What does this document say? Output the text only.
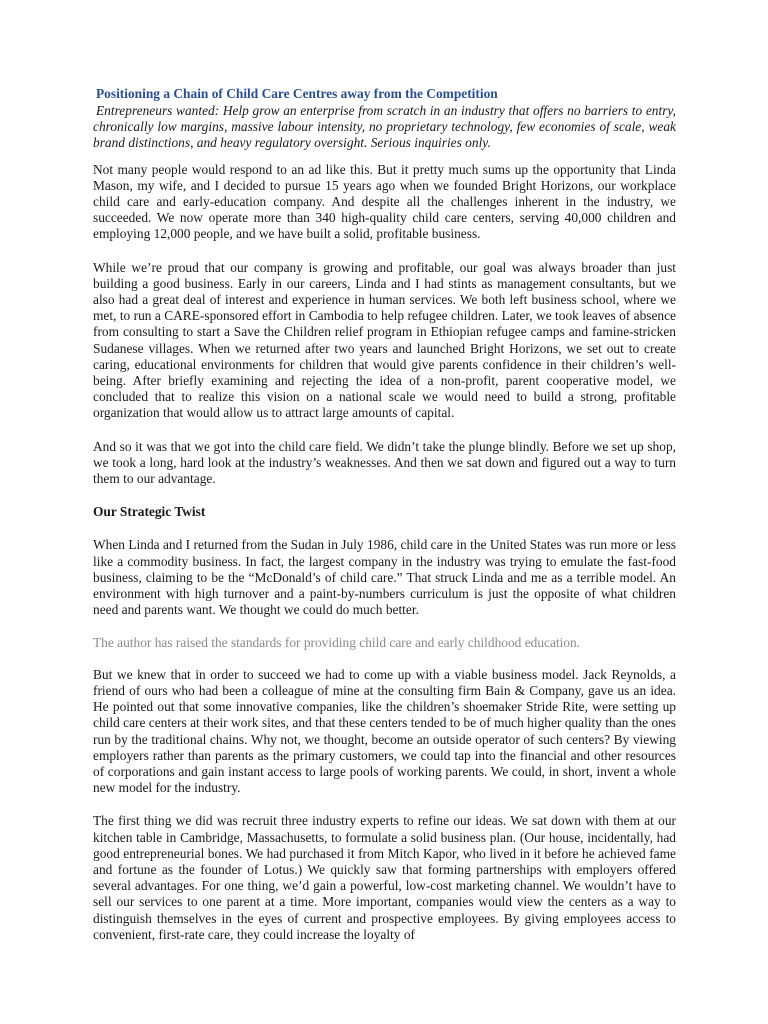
Positioning a Chain of Child Care Centres away from the Competition

Entrepreneurs wanted: Help grow an enterprise from scratch in an industry that offers no barriers to entry, chronically low margins, massive labour intensity, no proprietary technology, few economies of scale, weak brand distinctions, and heavy regulatory oversight. Serious inquiries only.

Not many people would respond to an ad like this. But it pretty much sums up the opportunity that Linda Mason, my wife, and I decided to pursue 15 years ago when we founded Bright Horizons, our workplace child care and early-education company. And despite all the challenges inherent in the industry, we succeeded. We now operate more than 340 high-quality child care centers, serving 40,000 children and employing 12,000 people, and we have built a solid, profitable business.

While we’re proud that our company is growing and profitable, our goal was always broader than just building a good business. Early in our careers, Linda and I had stints as management consultants, but we also had a great deal of interest and experience in human services. We both left business school, where we met, to run a CARE-sponsored effort in Cambodia to help refugee children. Later, we took leaves of absence from consulting to start a Save the Children relief program in Ethiopian refugee camps and famine-stricken Sudanese villages. When we returned after two years and launched Bright Horizons, we set out to create caring, educational environments for children that would give parents confidence in their children’s well-being. After briefly examining and rejecting the idea of a non-profit, parent cooperative model, we concluded that to realize this vision on a national scale we would need to build a strong, profitable organization that would allow us to attract large amounts of capital.

And so it was that we got into the child care field. We didn’t take the plunge blindly. Before we set up shop, we took a long, hard look at the industry’s weaknesses. And then we sat down and figured out a way to turn them to our advantage.

Our Strategic Twist

When Linda and I returned from the Sudan in July 1986, child care in the United States was run more or less like a commodity business. In fact, the largest company in the industry was trying to emulate the fast-food business, claiming to be the “McDonald’s of child care.” That struck Linda and me as a terrible model. An environment with high turnover and a paint-by-numbers curriculum is just the opposite of what children need and parents want. We thought we could do much better.

The author has raised the standards for providing child care and early childhood education.

But we knew that in order to succeed we had to come up with a viable business model. Jack Reynolds, a friend of ours who had been a colleague of mine at the consulting firm Bain & Company, gave us an idea. He pointed out that some innovative companies, like the children’s shoemaker Stride Rite, were setting up child care centers at their work sites, and that these centers tended to be of much higher quality than the ones run by the traditional chains. Why not, we thought, become an outside operator of such centers? By viewing employers rather than parents as the primary customers, we could tap into the financial and other resources of corporations and gain instant access to large pools of working parents. We could, in short, invent a whole new model for the industry.

The first thing we did was recruit three industry experts to refine our ideas. We sat down with them at our kitchen table in Cambridge, Massachusetts, to formulate a solid business plan. (Our house, incidentally, had good entrepreneurial bones. We had purchased it from Mitch Kapor, who lived in it before he achieved fame and fortune as the founder of Lotus.) We quickly saw that forming partnerships with employers offered several advantages. For one thing, we’d gain a powerful, low-cost marketing channel. We wouldn’t have to sell our services to one parent at a time. More important, companies would view the centers as a way to distinguish themselves in the eyes of current and prospective employees. By giving employees access to convenient, first-rate care, they could increase the loyalty of
